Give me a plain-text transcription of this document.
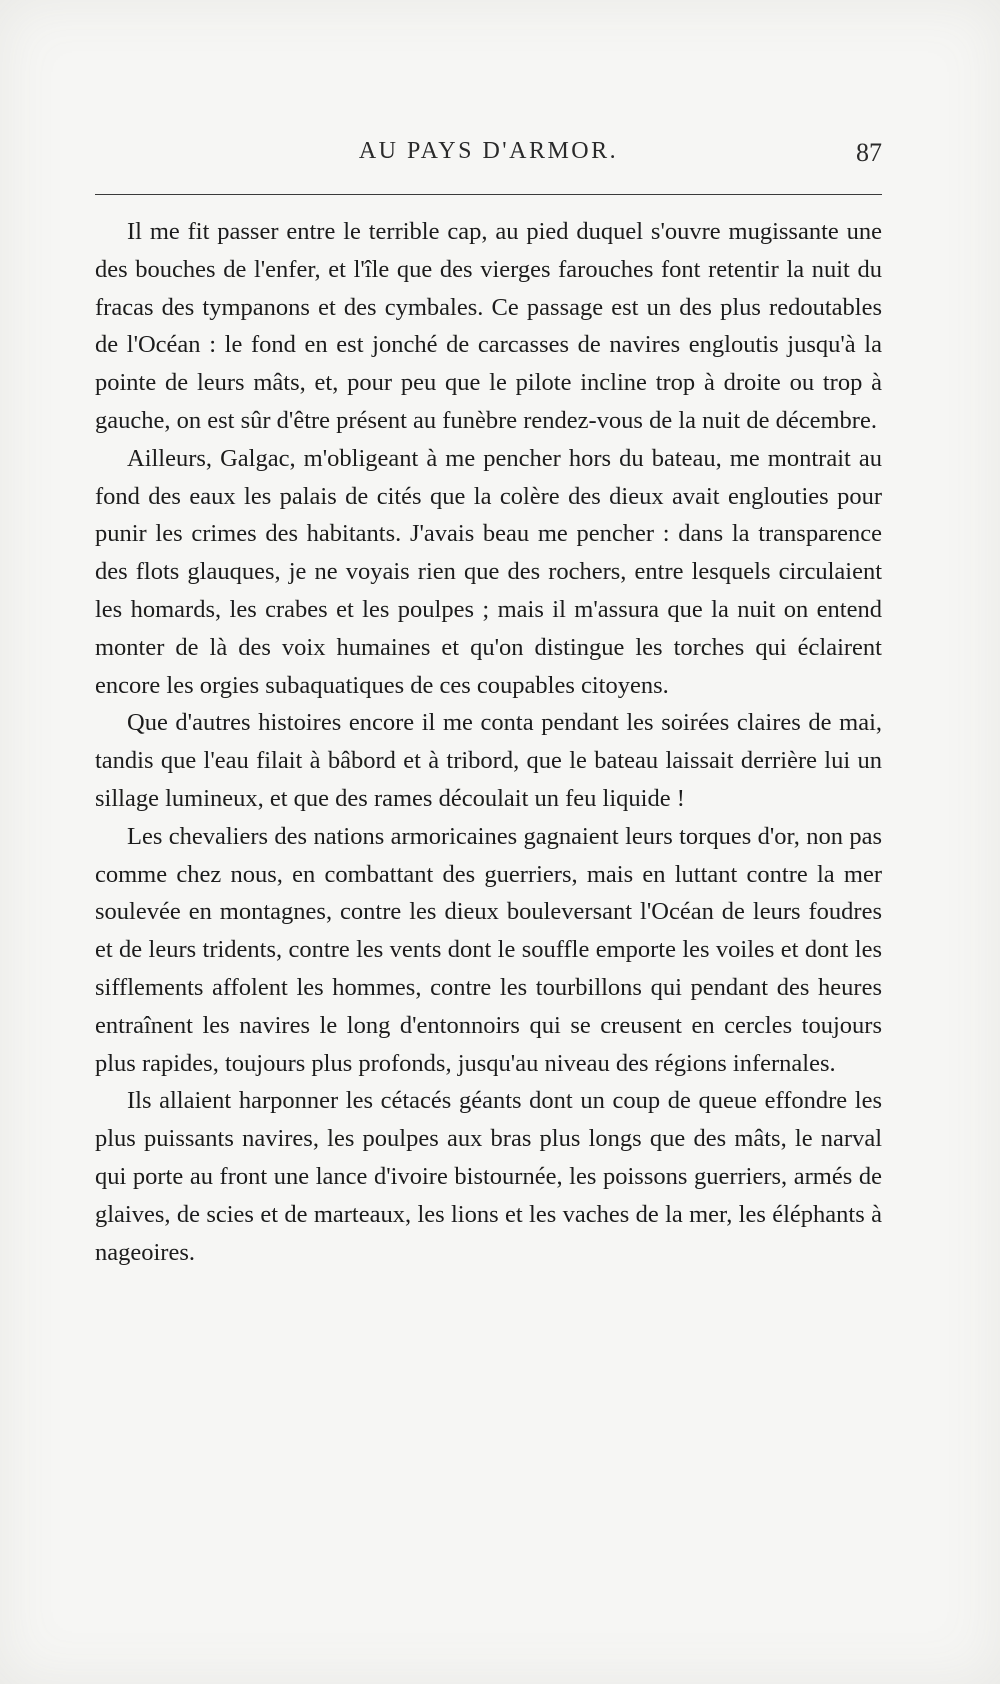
AU PAYS D'ARMOR.	87

Il me fit passer entre le terrible cap, au pied duquel s'ouvre mugissante une des bouches de l'enfer, et l'île que des vierges farouches font retentir la nuit du fracas des tympanons et des cymbales. Ce passage est un des plus redoutables de l'Océan : le fond en est jonché de carcasses de navires engloutis jusqu'à la pointe de leurs mâts, et, pour peu que le pilote incline trop à droite ou trop à gauche, on est sûr d'être présent au funèbre rendez-vous de la nuit de décembre.

Ailleurs, Galgac, m'obligeant à me pencher hors du bateau, me montrait au fond des eaux les palais de cités que la colère des dieux avait englouties pour punir les crimes des habitants. J'avais beau me pencher : dans la transparence des flots glauques, je ne voyais rien que des rochers, entre lesquels circulaient les homards, les crabes et les poulpes ; mais il m'assura que la nuit on entend monter de là des voix humaines et qu'on distingue les torches qui éclairent encore les orgies subaquatiques de ces coupables citoyens.

Que d'autres histoires encore il me conta pendant les soirées claires de mai, tandis que l'eau filait à bâbord et à tribord, que le bateau laissait derrière lui un sillage lumineux, et que des rames découlait un feu liquide !

Les chevaliers des nations armoricaines gagnaient leurs torques d'or, non pas comme chez nous, en combattant des guerriers, mais en luttant contre la mer soulevée en montagnes, contre les dieux bouleversant l'Océan de leurs foudres et de leurs tridents, contre les vents dont le souffle emporte les voiles et dont les sifflements affolent les hommes, contre les tourbillons qui pendant des heures entraînent les navires le long d'entonnoirs qui se creusent en cercles toujours plus rapides, toujours plus profonds, jusqu'au niveau des régions infernales.

Ils allaient harponner les cétacés géants dont un coup de queue effondre les plus puissants navires, les poulpes aux bras plus longs que des mâts, le narval qui porte au front une lance d'ivoire bistournée, les poissons guerriers, armés de glaives, de scies et de marteaux, les lions et les vaches de la mer, les éléphants à nageoires.
